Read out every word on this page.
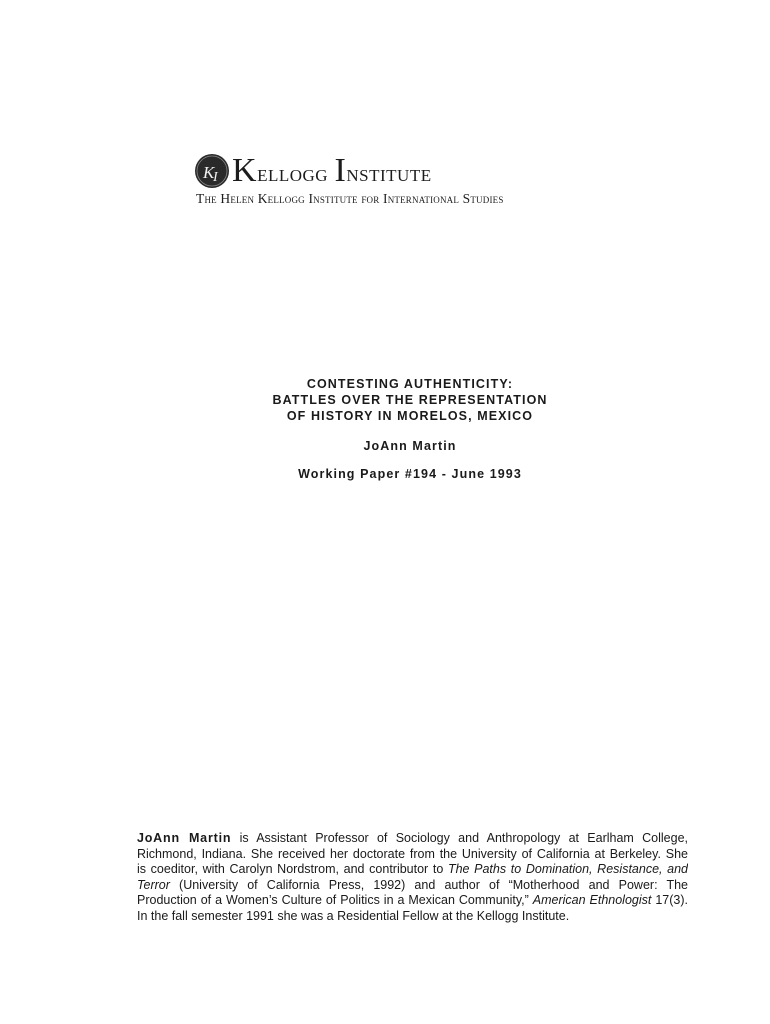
K
I Kellogg Institute
The Helen Kellogg Institute for International Studies

CONTESTING AUTHENTICITY:

BATTLES OVER THE REPRESENTATION

OF HISTORY IN MORELOS, MEXICO

JoAnn Martin

Working Paper #194 - June 1993

JoAnn Martin is Assistant Professor of Sociology and Anthropology at Earlham College,
Richmond, Indiana. She received her doctorate from the University of California at Berkeley. She
is coeditor, with Carolyn Nordstrom, and contributor to The Paths to Domination, Resistance, and
Terror (University of California Press, 1992) and author of “Motherhood and Power: The
Production of a Women’s Culture of Politics in a Mexican Community,” American Ethnologist 17(3).
In the fall semester 1991 she was a Residential Fellow at the Kellogg Institute.
